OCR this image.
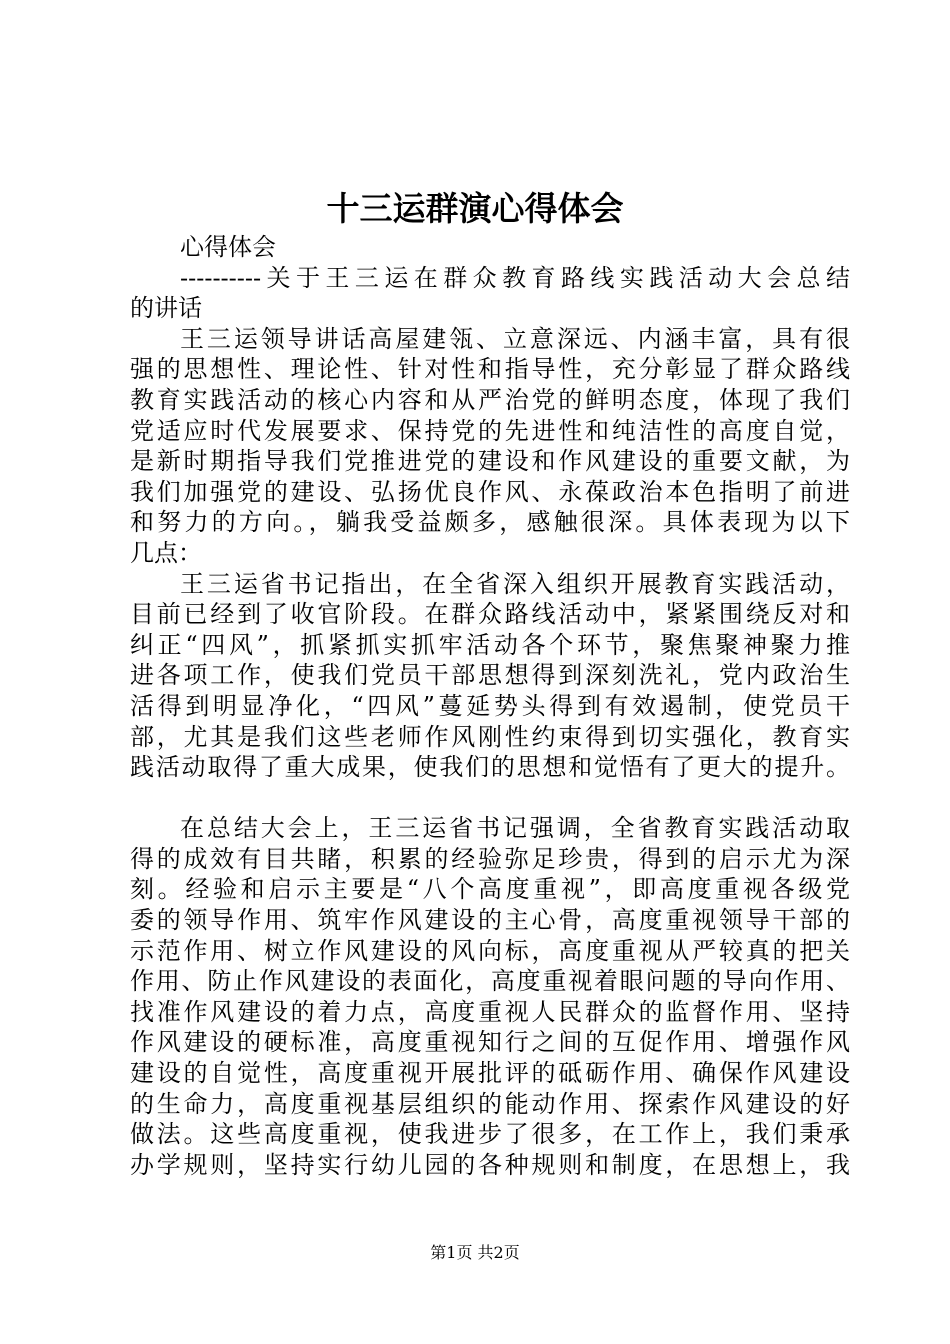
十三运群演心得体会
心得体会
----------关于王三运在群众教育路线实践活动大会总结
的讲话
王三运领导讲话高屋建瓴、立意深远、内涵丰富，具有很
强的思想性、理论性、针对性和指导性，充分彰显了群众路线
教育实践活动的核心内容和从严治党的鲜明态度，体现了我们
党适应时代发展要求、保持党的先进性和纯洁性的高度自觉，
是新时期指导我们党推进党的建设和作风建设的重要文献，为
我们加强党的建设、弘扬优良作风、永葆政治本色指明了前进
和努力的方向。，躺我受益颇多，感触很深。具体表现为以下
几点：
王三运省书记指出，在全省深入组织开展教育实践活动，
目前已经到了收官阶段。在群众路线活动中，紧紧围绕反对和
纠正“四风”，抓紧抓实抓牢活动各个环节，聚焦聚神聚力推
进各项工作，使我们党员干部思想得到深刻洗礼，党内政治生
活得到明显净化，“四风”蔓延势头得到有效遏制，使党员干
部，尤其是我们这些老师作风刚性约束得到切实强化，教育实
践活动取得了重大成果，使我们的思想和觉悟有了更大的提升。
在总结大会上，王三运省书记强调，全省教育实践活动取
得的成效有目共睹，积累的经验弥足珍贵，得到的启示尤为深
刻。经验和启示主要是“八个高度重视”，即高度重视各级党
委的领导作用、筑牢作风建设的主心骨，高度重视领导干部的
示范作用、树立作风建设的风向标，高度重视从严较真的把关
作用、防止作风建设的表面化，高度重视着眼问题的导向作用、
找准作风建设的着力点，高度重视人民群众的监督作用、坚持
作风建设的硬标准，高度重视知行之间的互促作用、增强作风
建设的自觉性，高度重视开展批评的砥砺作用、确保作风建设
的生命力，高度重视基层组织的能动作用、探索作风建设的好
做法。这些高度重视，使我进步了很多，在工作上，我们秉承
办学规则，坚持实行幼儿园的各种规则和制度，在思想上，我
第1页 共2页
